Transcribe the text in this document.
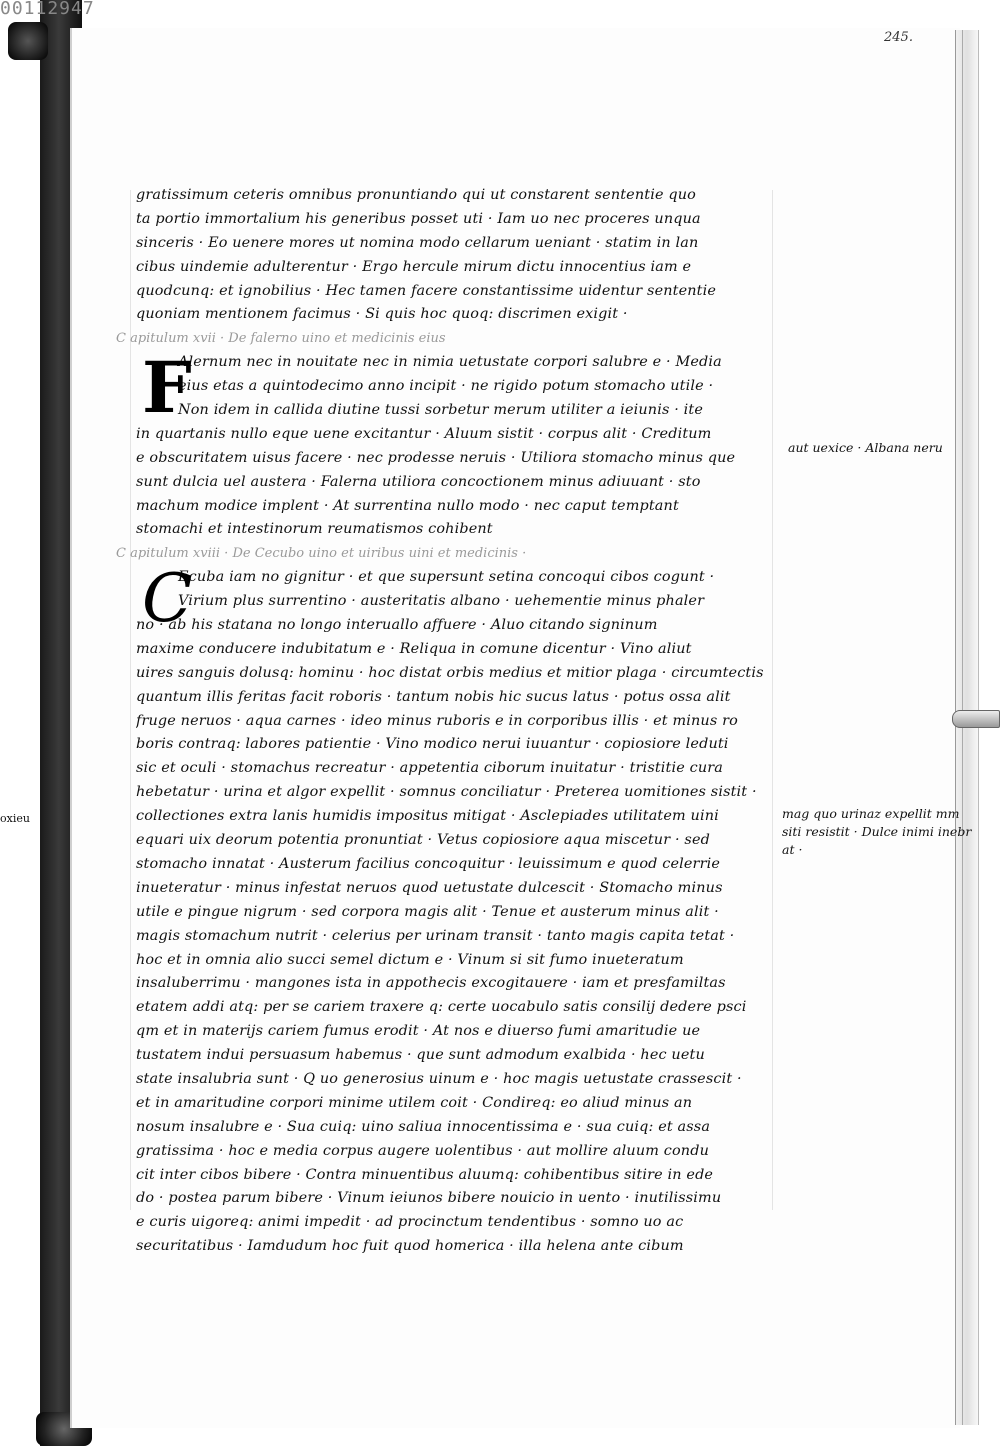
00112947
245.
oxieu
gratissimum ceteris omnibus pronuntiando qui ut constarent sententie quo
ta portio immortalium his generibus posset uti · Iam uo nec proceres unqua
sinceris · Eo uenere mores ut nomina modo cellarum ueniant · statim in lan
cibus uindemie adulterentur · Ergo hercule mirum dictu innocentius iam e
quodcunq: et ignobilius · Hec tamen facere constantissime uidentur sententie
quoniam mentionem facimus · Si quis hoc quoq: discrimen exigit ·
C apitulum xvii · De falerno uino et medicinis eius
F
Alernum nec in nouitate nec in nimia uetustate corpori salubre e · Media
eius etas a quintodecimo anno incipit · ne rigido potum stomacho utile ·
Non idem in callida diutine tussi sorbetur merum utiliter a ieiunis · ite
in quartanis nullo eque uene excitantur · Aluum sistit · corpus alit · Creditum
e obscuritatem uisus facere · nec prodesse neruis · Utiliora stomacho minus que
sunt dulcia uel austera · Falerna utiliora concoctionem minus adiuuant · sto
machum modice implent · At surrentina nullo modo · nec caput temptant
stomachi et intestinorum reumatismos cohibent
C apitulum xviii · De Cecubo uino et uiribus uini et medicinis ·
C
Ecuba iam no gignitur · et que supersunt setina concoqui cibos cogunt ·
Virium plus surrentino · austeritatis albano · uehementie minus phaler
no · ab his statana no longo interuallo affuere · Aluo citando signinum
maxime conducere indubitatum e · Reliqua in comune dicentur · Vino aliut
uires sanguis dolusq: hominu · hoc distat orbis medius et mitior plaga · circumtectis
quantum illis feritas facit roboris · tantum nobis hic sucus latus · potus ossa alit
fruge neruos · aqua carnes · ideo minus ruboris e in corporibus illis · et minus ro
boris contraq: labores patientie · Vino modico nerui iuuantur · copiosiore leduti
sic et oculi · stomachus recreatur · appetentia ciborum inuitatur · tristitie cura
hebetatur · urina et algor expellit · somnus conciliatur · Preterea uomitiones sistit ·
collectiones extra lanis humidis impositus mitigat · Asclepiades utilitatem uini
equari uix deorum potentia pronuntiat · Vetus copiosiore aqua miscetur · sed
stomacho innatat · Austerum facilius concoquitur · leuissimum e quod celerrie
inueteratur · minus infestat neruos quod uetustate dulcescit · Stomacho minus
utile e pingue nigrum · sed corpora magis alit · Tenue et austerum minus alit ·
magis stomachum nutrit · celerius per urinam transit · tanto magis capita tetat ·
hoc et in omnia alio succi semel dictum e · Vinum si sit fumo inueteratum
insaluberrimu · mangones ista in appothecis excogitauere · iam et presfamiltas
etatem addi atq: per se cariem traxere q: certe uocabulo satis consilij dedere psci
qm et in materijs cariem fumus erodit · At nos e diuerso fumi amaritudie ue
tustatem indui persuasum habemus · que sunt admodum exalbida · hec uetu
state insalubria sunt · Q uo generosius uinum e · hoc magis uetustate crassescit ·
et in amaritudine corpori minime utilem coit · Condireq: eo aliud minus an
nosum insalubre e · Sua cuiq: uino saliua innocentissima e · sua cuiq: et assa
gratissima · hoc e media corpus augere uolentibus · aut mollire aluum condu
cit inter cibos bibere · Contra minuentibus aluumq: cohibentibus sitire in ede
do · postea parum bibere · Vinum ieiunos bibere nouicio in uento · inutilissimu
e curis uigoreq: animi impedit · ad procinctum tendentibus · somno uo ac
securitatibus · Iamdudum hoc fuit quod homerica · illa helena ante cibum
aut uexice · Albana neru
mag quo urinaz expellit mm
siti resistit · Dulce inimi inebr
at ·
